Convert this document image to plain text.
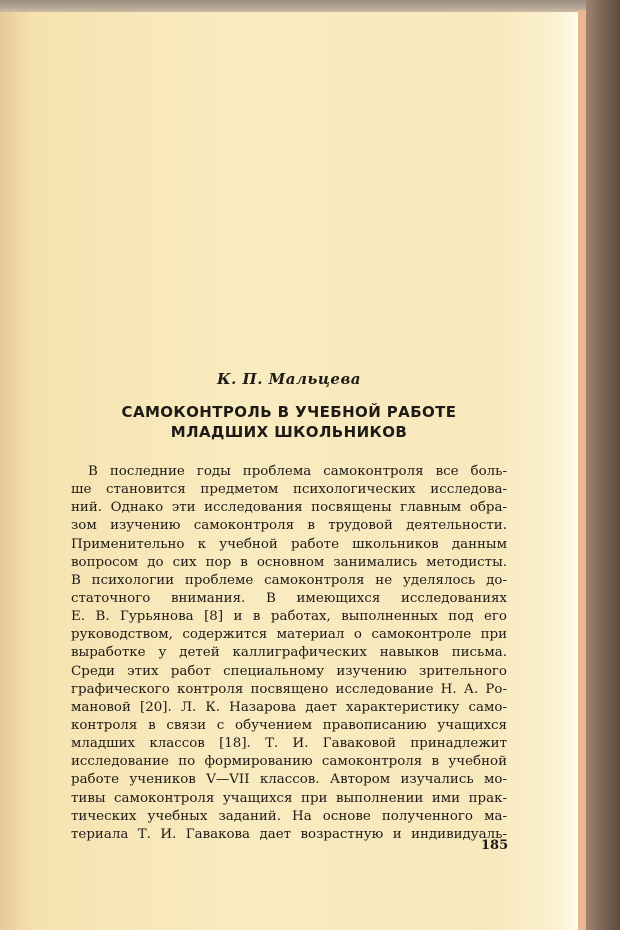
К. П. Мальцева
САМОКОНТРОЛЬ В УЧЕБНОЙ РАБОТЕ
МЛАДШИХ ШКОЛЬНИКОВ
В последние годы проблема самоконтроля все боль-
ше становится предметом психологических исследова-
ний. Однако эти исследования посвящены главным обра-
зом изучению самоконтроля в трудовой деятельности.
Применительно к учебной работе школьников данным
вопросом до сих пор в основном занимались методисты.
В психологии проблеме самоконтроля не уделялось до-
статочного внимания. В имеющихся исследованиях
Е. В. Гурьянова [8] и в работах, выполненных под его
руководством, содержится материал о самоконтроле при
выработке у детей каллиграфических навыков письма.
Среди этих работ специальному изучению зрительного
графического контроля посвящено исследование Н. А. Ро-
мановой [20]. Л. К. Назарова дает характеристику само-
контроля в связи с обучением правописанию учащихся
младших классов [18]. Т. И. Гаваковой принадлежит
исследование по формированию самоконтроля в учебной
работе учеников V—VII классов. Автором изучались мо-
тивы самоконтроля учащихся при выполнении ими прак-
тических учебных заданий. На основе полученного ма-
териала Т. И. Гавакова дает возрастную и индивидуаль-
185
